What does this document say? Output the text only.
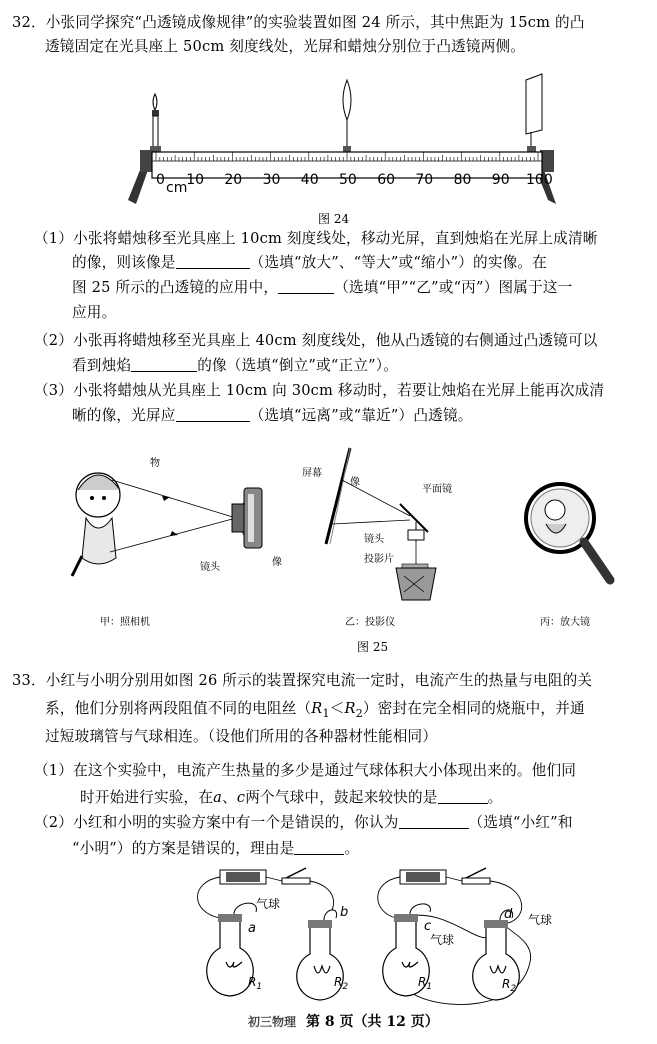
32．小张同学探究“凸透镜成像规律”的实验装置如图 24 所示，其中焦距为 15cm 的凸
透镜固定在光具座上 50cm 刻度线处，光屏和蜡烛分别位于凸透镜两侧。
0 10 20 30 40 50 60 70 80 90 100
cm
图 24
（1）小张将蜡烛移至光具座上 10cm 刻度线处，移动光屏，直到烛焰在光屏上成清晰
的像，则该像是	（选填“放大”、“等大”或“缩小”）的实像。在
图 25 所示的凸透镜的应用中，	（选填“甲”“乙”或“丙”）图属于这一
应用。
（2）小张再将蜡烛移至光具座上 40cm 刻度线处，他从凸透镜的右侧通过凸透镜可以
看到烛焰	的像（选填“倒立”或“正立”）。
（3）小张将蜡烛从光具座上 10cm 向 30cm 移动时，若要让烛焰在光屏上能再次成清
晰的像，光屏应	（选填“远离”或“靠近”）凸透镜。
物
镜头	像
屏幕
像
平面镜
镜头
投影片
甲：照相机	乙：投影仪	丙：放大镜
图 25
33．小红与小明分别用如图 26 所示的装置探究电流一定时，电流产生的热量与电阻的关
系，他们分别将两段阻值不同的电阻丝$(R_1<R_2)$密封在完全相同的烧瓶中，并通
过短玻璃管与气球相连。（设他们所用的各种器材性能相同）
（1）在这个实验中，电流产生热量的多少是通过气球体积大小体现出来的。他们同
时开始进行实验，在a、c两个气球中，鼓起来较快的是	。
（2）小红和小明的实验方案中有一个是错误的，你认为	（选填“小红”和
“小明”）的方案是错误的，理由是	。
气球
a
b
$R_1$	$R_2$
c
气球
d 气球
$R_1$	$R_2$
初三物理 第 8 页（共 12 页）
